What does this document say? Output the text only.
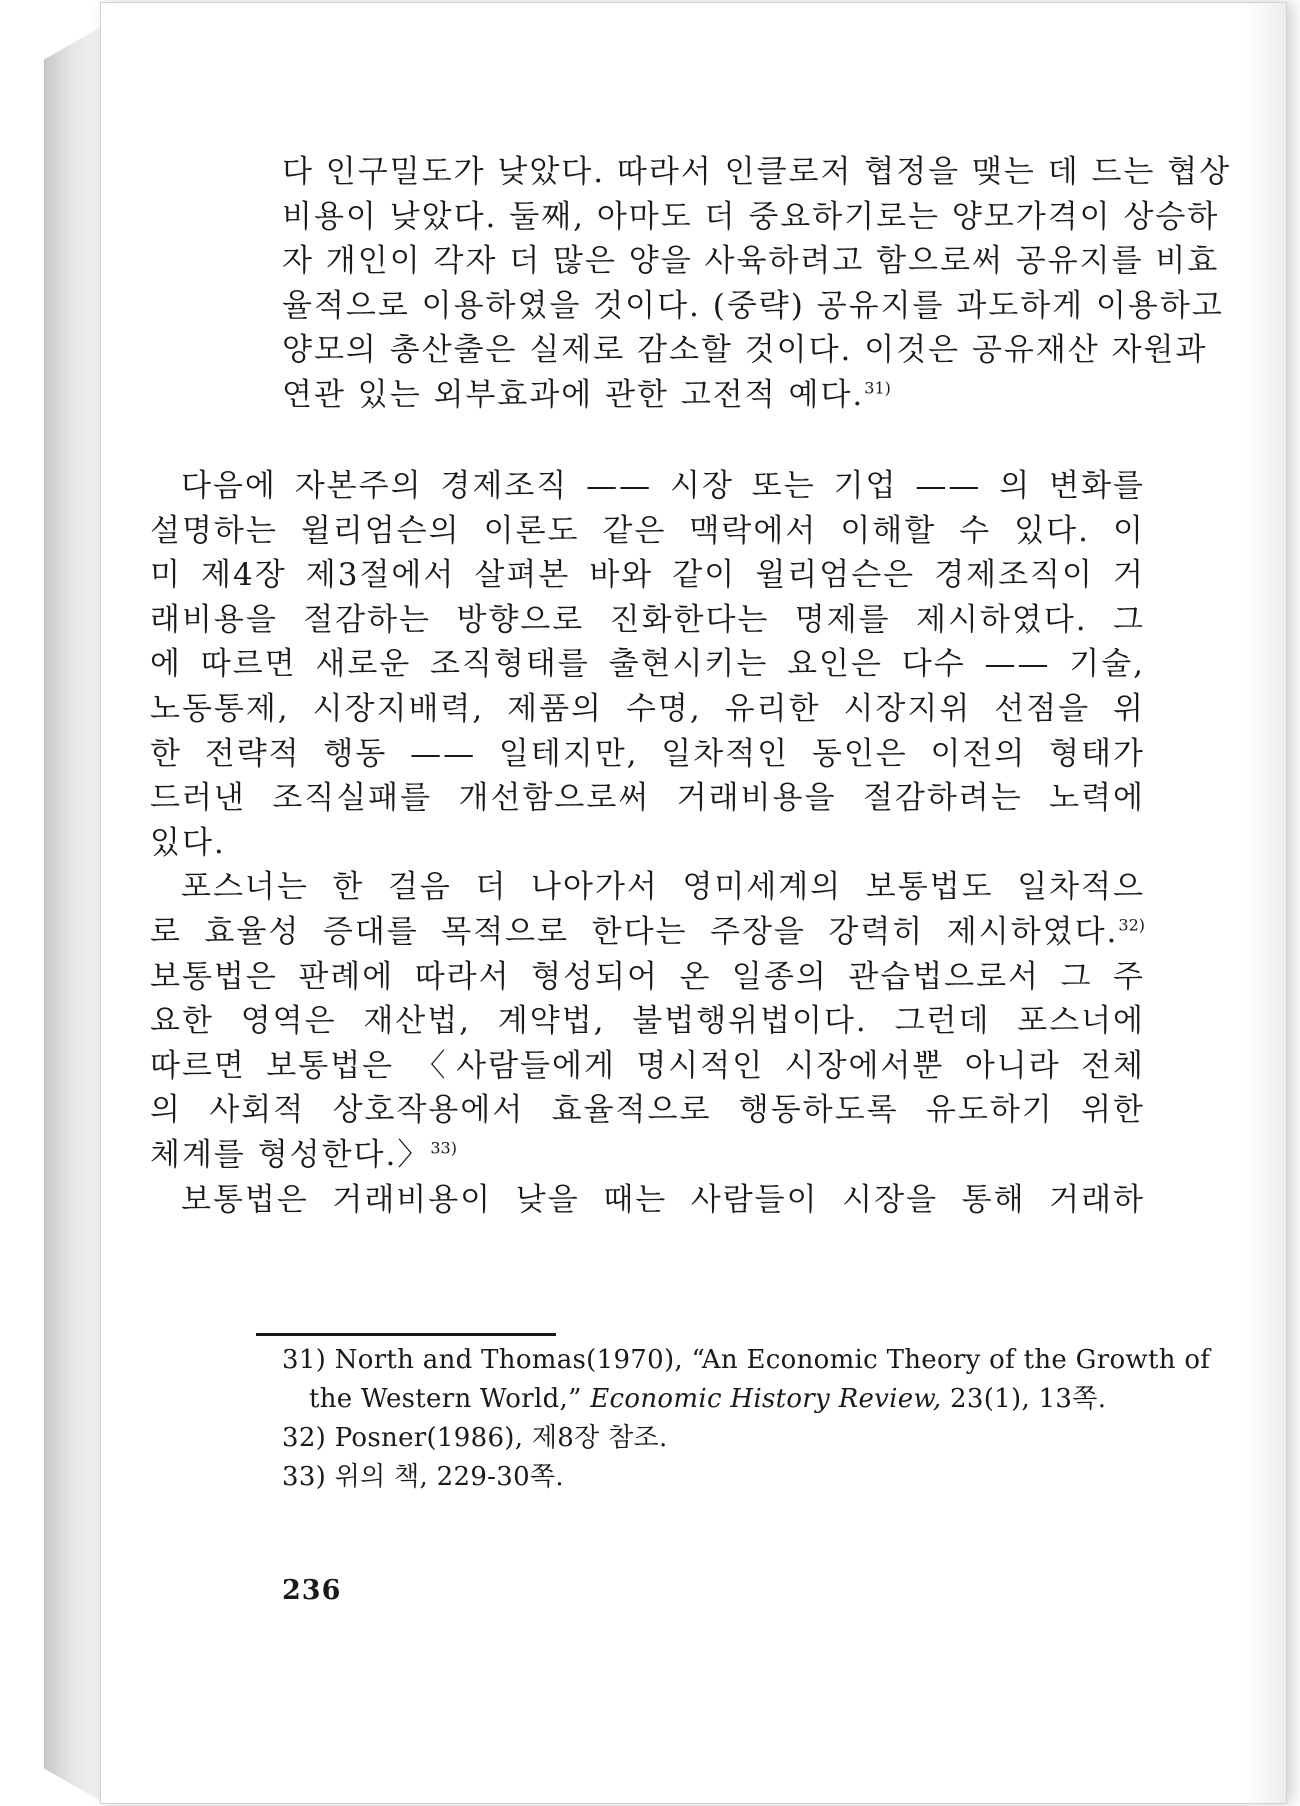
다 인구밀도가 낮았다. 따라서 인클로저 협정을 맺는 데 드는 협상
비용이 낮았다. 둘째, 아마도 더 중요하기로는 양모가격이 상승하
자 개인이 각자 더 많은 양을 사육하려고 함으로써 공유지를 비효
율적으로 이용하였을 것이다. (중략) 공유지를 과도하게 이용하고
양모의 총산출은 실제로 감소할 것이다. 이것은 공유재산 자원과
연관 있는 외부효과에 관한 고전적 예다.$^{31)}$
다음에 자본주의 경제조직 —— 시장 또는 기업 —— 의 변화를
설명하는 윌리엄슨의 이론도 같은 맥락에서 이해할 수 있다. 이
미 제4장 제3절에서 살펴본 바와 같이 윌리엄슨은 경제조직이 거
래비용을 절감하는 방향으로 진화한다는 명제를 제시하였다. 그
에 따르면 새로운 조직형태를 출현시키는 요인은 다수 —— 기술,
노동통제, 시장지배력, 제품의 수명, 유리한 시장지위 선점을 위
한 전략적 행동 —— 일테지만, 일차적인 동인은 이전의 형태가
드러낸 조직실패를 개선함으로써 거래비용을 절감하려는 노력에
있다.
포스너는 한 걸음 더 나아가서 영미세계의 보통법도 일차적으
로 효율성 증대를 목적으로 한다는 주장을 강력히 제시하였다.$^{32)}$
보통법은 판례에 따라서 형성되어 온 일종의 관습법으로서 그 주
요한 영역은 재산법, 계약법, 불법행위법이다. 그런데 포스너에
따르면 보통법은 〈사람들에게 명시적인 시장에서뿐 아니라 전체
의 사회적 상호작용에서 효율적으로 행동하도록 유도하기 위한
체계를 형성한다.〉$^{33)}$
보통법은 거래비용이 낮을 때는 사람들이 시장을 통해 거래하
31) North and Thomas(1970), “An Economic Theory of the Growth of
the Western World,” Economic History Review, 23(1), 13쪽.
32) Posner(1986), 제8장 참조.
33) 위의 책, 229-30쪽.
236
